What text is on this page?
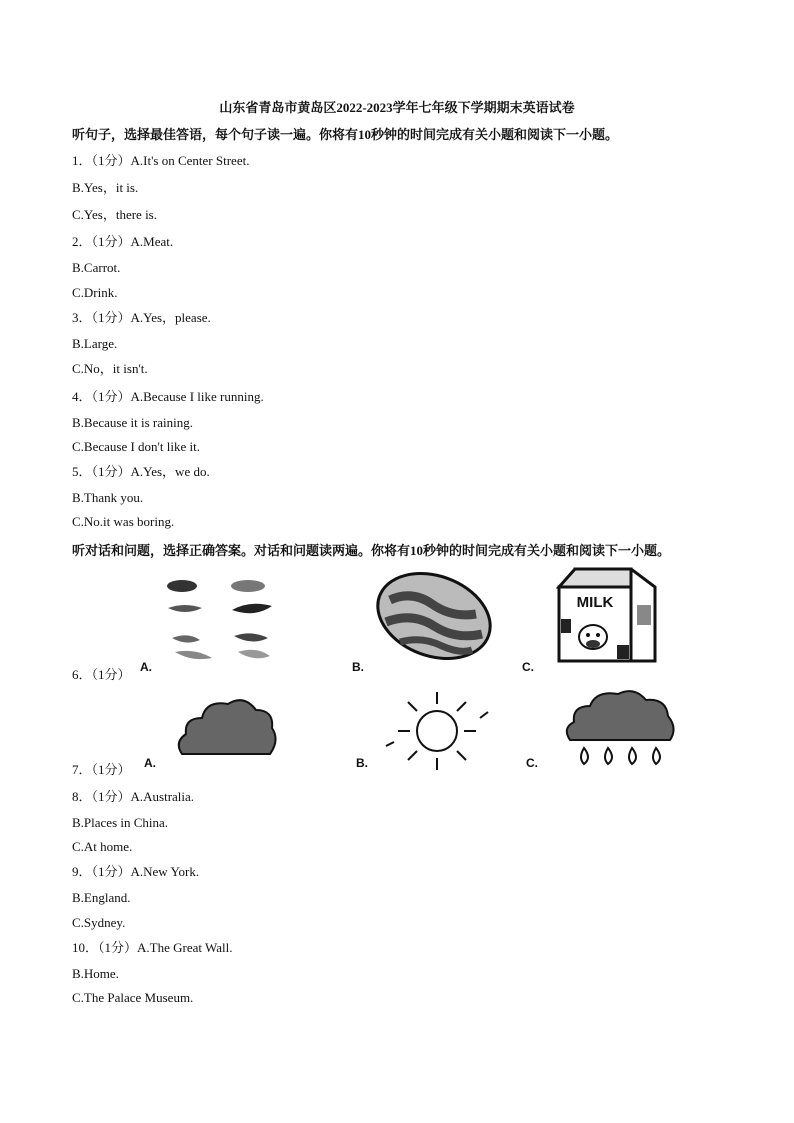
山东省青岛市黄岛区2022-2023学年七年级下学期期末英语试卷
听句子，选择最佳答语，每个句子读一遍。你将有10秒钟的时间完成有关小题和阅读下一小题。
1．（1分）A.It's on Center Street.
B.Yes，it is.
C.Yes，there is.
2．（1分）A.Meat.
B.Carrot.
C.Drink.
3．（1分）A.Yes，please.
B.Large.
C.No，it isn't.
4．（1分）A.Because I like running.
B.Because it is raining.
C.Because I don't like it.
5．（1分）A.Yes，we do.
B.Thank you.
C.No.it was boring.
听对话和问题，选择正确答案。对话和问题读两遍。你将有10秒钟的时间完成有关小题和阅读下一小题。
6．（1分） A.	B.
MILK
C.
7．（1分） A.	B.	C.
8．（1分）A.Australia.
B.Places in China.
C.At home.
9．（1分）A.New York.
B.England.
C.Sydney.
10．（1分）A.The Great Wall.
B.Home.
C.The Palace Museum.
